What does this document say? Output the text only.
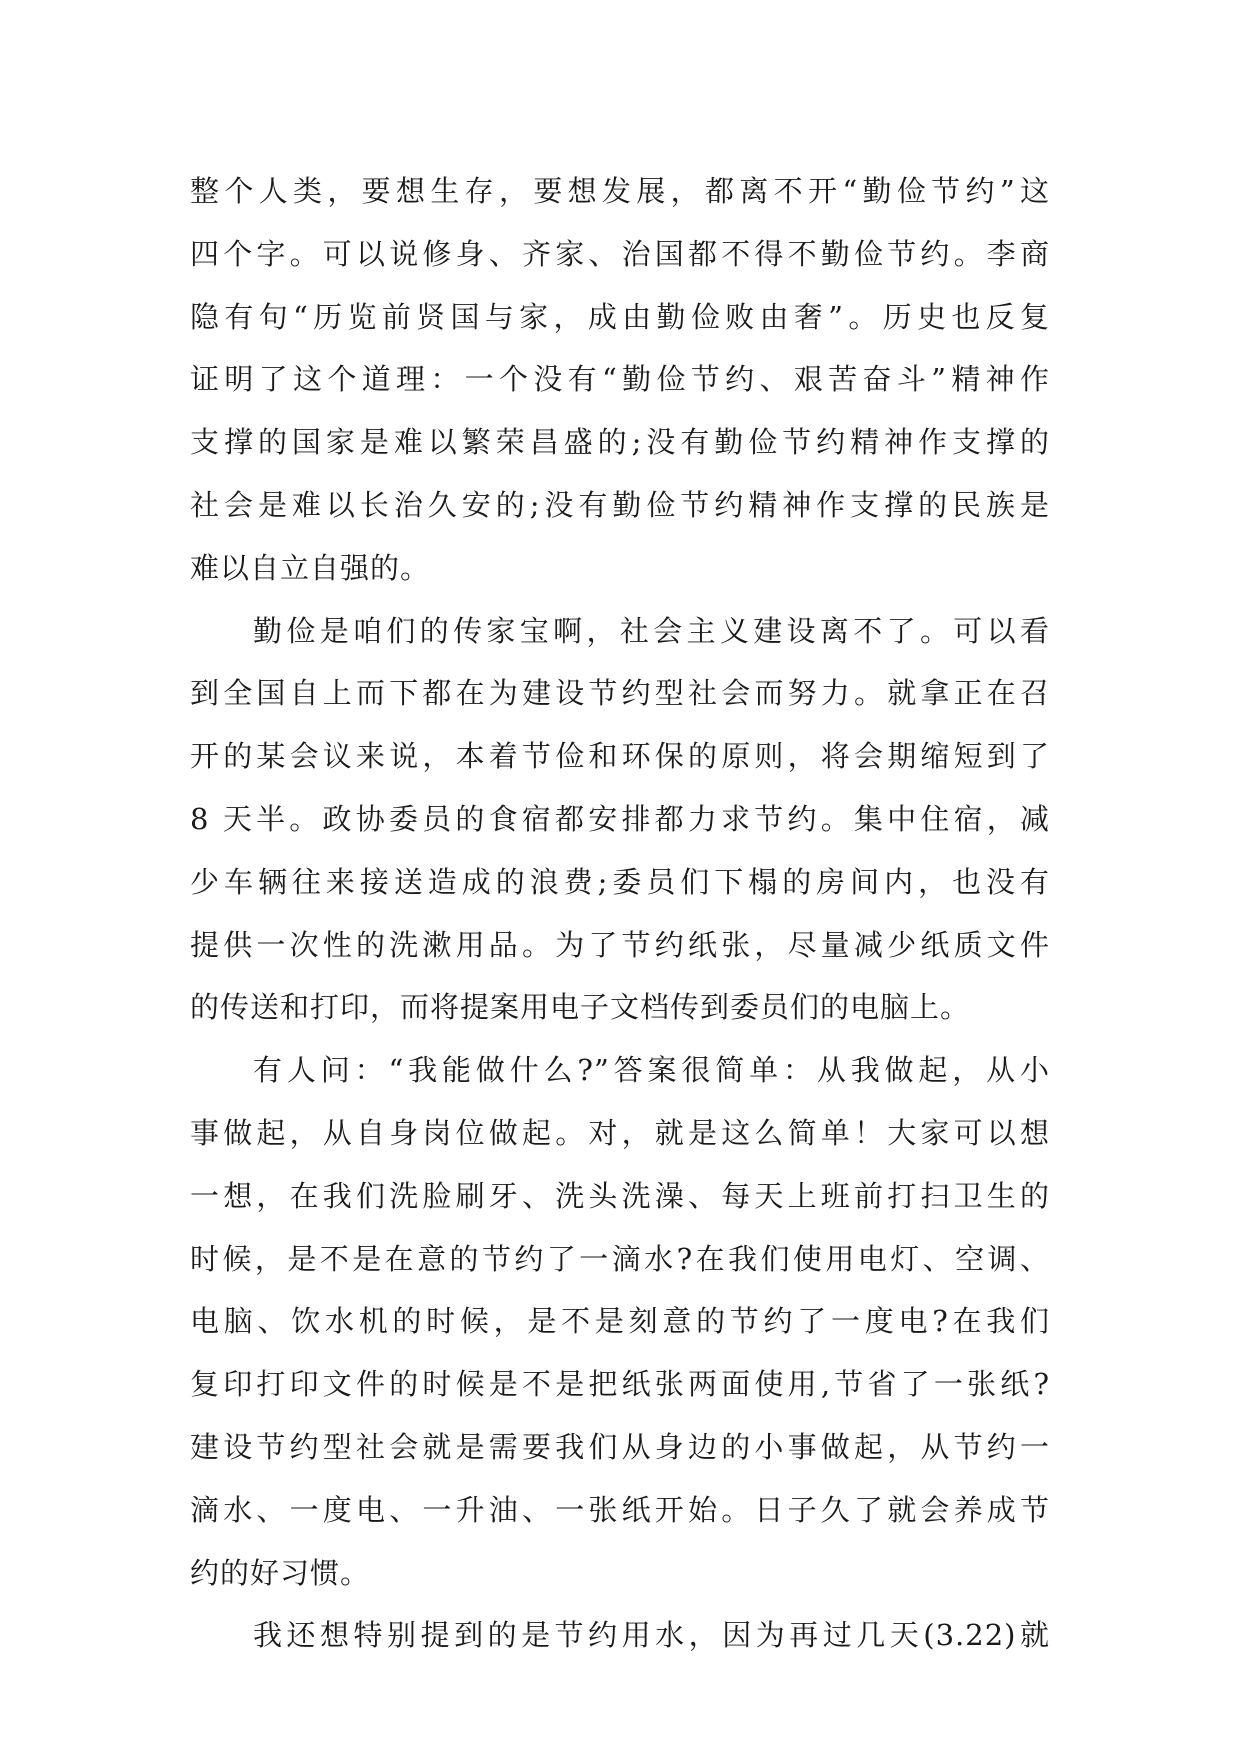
整个人类，要想生存，要想发展，都离不开“勤俭节约”这
四个字。可以说修身、齐家、治国都不得不勤俭节约。李商
隐有句“历览前贤国与家，成由勤俭败由奢”。历史也反复
证明了这个道理：一个没有“勤俭节约、艰苦奋斗”精神作
支撑的国家是难以繁荣昌盛的;没有勤俭节约精神作支撑的
社会是难以长治久安的;没有勤俭节约精神作支撑的民族是
难以自立自强的。
勤俭是咱们的传家宝啊，社会主义建设离不了。可以看
到全国自上而下都在为建设节约型社会而努力。就拿正在召
开的某会议来说，本着节俭和环保的原则，将会期缩短到了
8 天半。政协委员的食宿都安排都力求节约。集中住宿，减
少车辆往来接送造成的浪费;委员们下榻的房间内，也没有
提供一次性的洗漱用品。为了节约纸张，尽量减少纸质文件
的传送和打印，而将提案用电子文档传到委员们的电脑上。
有人问：“我能做什么?”答案很简单：从我做起，从小
事做起，从自身岗位做起。对，就是这么简单！大家可以想
一想，在我们洗脸刷牙、洗头洗澡、每天上班前打扫卫生的
时候，是不是在意的节约了一滴水?在我们使用电灯、空调、
电脑、饮水机的时候，是不是刻意的节约了一度电?在我们
复印打印文件的时候是不是把纸张两面使用,节省了一张纸?
建设节约型社会就是需要我们从身边的小事做起，从节约一
滴水、一度电、一升油、一张纸开始。日子久了就会养成节
约的好习惯。
我还想特别提到的是节约用水，因为再过几天(3.22)就
